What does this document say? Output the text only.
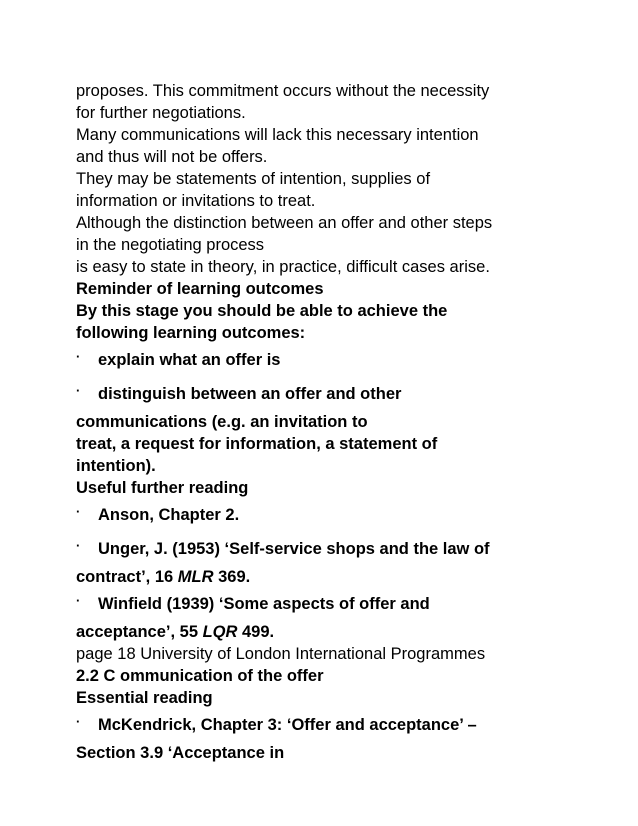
proposes. This commitment occurs without the necessity
for further negotiations.
Many communications will lack this necessary intention
and thus will not be offers.
They may be statements of intention, supplies of
information or invitations to treat.
Although the distinction between an offer and other steps
in the negotiating process
is easy to state in theory, in practice, difficult cases arise.
Reminder of learning outcomes
By this stage you should be able to achieve the
following learning outcomes:
·	explain what an offer is
·	distinguish between an offer and other
communications (e.g. an invitation to
treat, a request for information, a statement of
intention).
Useful further reading
·	Anson, Chapter 2.
·	Unger, J. (1953) ‘Self-service shops and the law of
contract’, 16 MLR 369.
·	Winfield (1939) ‘Some aspects of offer and
acceptance’, 55 LQR 499.
page 18 University of London International Programmes
2.2 C ommunication of the offer
Essential reading
·	McKendrick, Chapter 3: ‘Offer and acceptance’ –
Section 3.9 ‘Acceptance in
